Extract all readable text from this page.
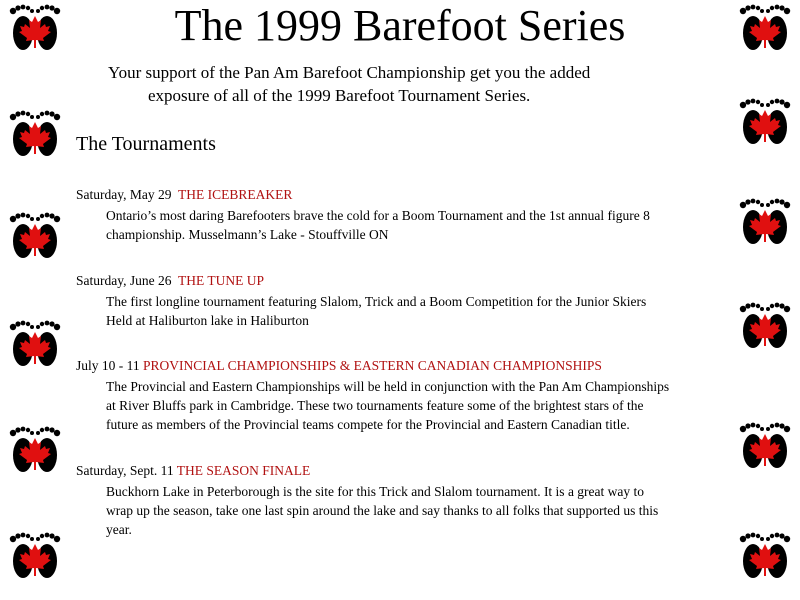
The 1999 Barefoot Series
Your support of the Pan Am Barefoot Championship get you the added
exposure of all of the 1999 Barefoot Tournament Series.
The Tournaments
Saturday, May 29 THE ICEBREAKER
Ontario’s most daring Barefooters brave the cold for a Boom Tournament and the 1st annual figure 8
championship. Musselmann’s Lake - Stouffville ON
Saturday, June 26 THE TUNE UP
The first longline tournament featuring Slalom, Trick and a Boom Competition for the Junior Skiers
Held at Haliburton lake in Haliburton
July 10 - 11 PROVINCIAL CHAMPIONSHIPS & EASTERN CANADIAN CHAMPIONSHIPS
The Provincial and Eastern Championships will be held in conjunction with the Pan Am Championships
at River Bluffs park in Cambridge. These two tournaments feature some of the brightest stars of the
future as members of the Provincial teams compete for the Provincial and Eastern Canadian title.
Saturday, Sept. 11 THE SEASON FINALE
Buckhorn Lake in Peterborough is the site for this Trick and Slalom tournament. It is a great way to
wrap up the season, take one last spin around the lake and say thanks to all folks that supported us this
year.
